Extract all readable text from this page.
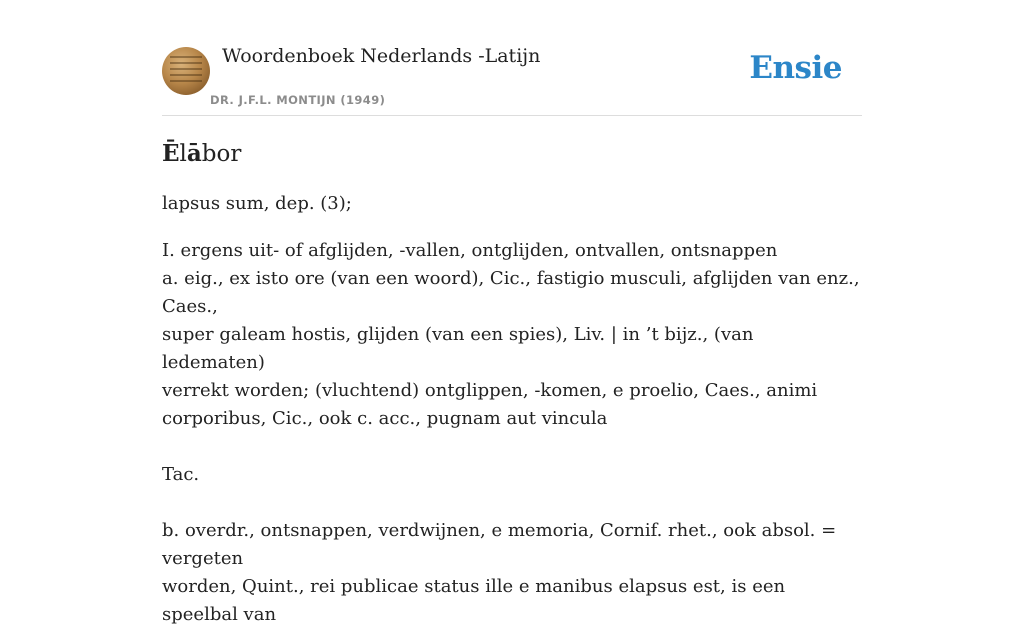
Woordenboek Nederlands -Latijn
DR. J.F.L. MONTIJN (1949)
Ensie
Ēlābor
lapsus sum, dep. (3);

I. ergens uit- of afglijden, -vallen, ontglijden, ontvallen, ontsnappen

a. eig., ex isto ore (van een woord), Cic., fastigio musculi, afglijden van enz., Caes.,

super galeam hostis, glijden (van een spies), Liv. | in ’t bijz., (van ledematen)

verrekt worden; (vluchtend) ontglippen, -komen, e proelio, Caes., animi

corporibus, Cic., ook c. acc., pugnam aut vincula

Tac.

b. overdr., ontsnappen, verdwijnen, e memoria, Cornif. rhet., ook absol. = vergeten

worden, Quint., rei publicae status ille e manibus elapsus est, is een speelbal van
